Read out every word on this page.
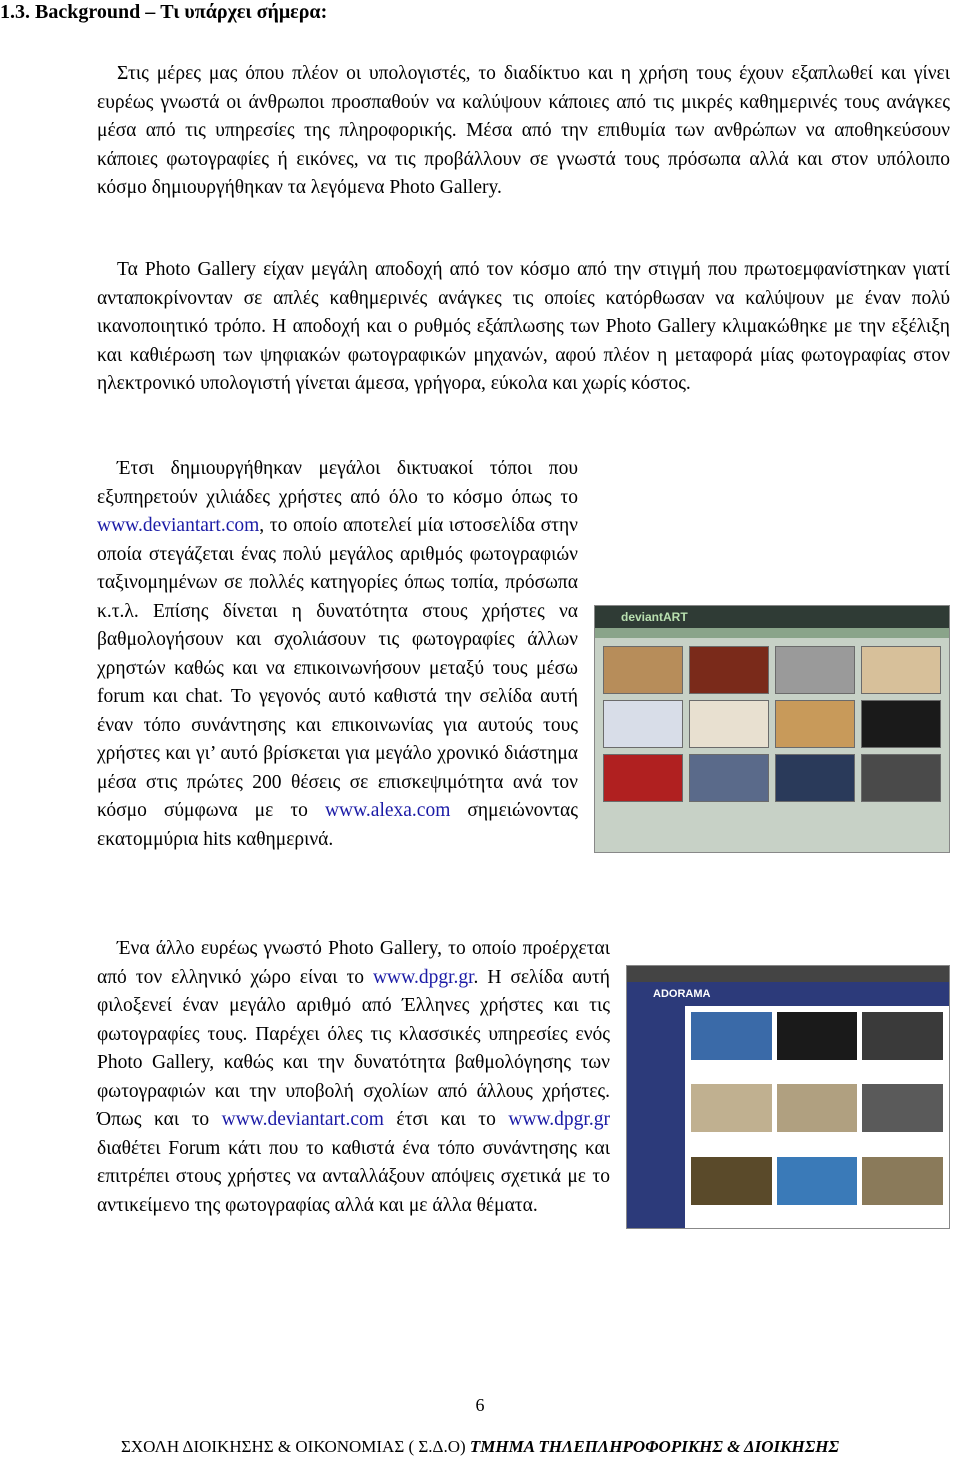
1.3. Background – Τι υπάρχει σήμερα:

Στις μέρες μας όπου πλέον οι υπολογιστές, το διαδίκτυο και η χρήση τους έχουν εξαπλωθεί και γίνει ευρέως γνωστά οι άνθρωποι προσπαθούν να καλύψουν κάποιες από τις μικρές καθημερινές τους ανάγκες μέσα από τις υπηρεσίες της πληροφορικής. Μέσα από την επιθυμία των ανθρώπων να αποθηκεύσουν κάποιες φωτογραφίες ή εικόνες, να τις προβάλλουν σε γνωστά τους πρόσωπα αλλά και στον υπόλοιπο κόσμο δημιουργήθηκαν τα λεγόμενα Photo Gallery.

Τα Photo Gallery είχαν μεγάλη αποδοχή από τον κόσμο από την στιγμή που πρωτοεμφανίστηκαν γιατί ανταποκρίνονταν σε απλές καθημερινές ανάγκες τις οποίες κατόρθωσαν να καλύψουν με έναν πολύ ικανοποιητικό τρόπο. Η αποδοχή και ο ρυθμός εξάπλωσης των Photo Gallery κλιμακώθηκε με την εξέλιξη και καθιέρωση των ψηφιακών φωτογραφικών μηχανών, αφού πλέον η μεταφορά μίας φωτογραφίας στον ηλεκτρονικό υπολογιστή γίνεται άμεσα, γρήγορα, εύκολα και χωρίς κόστος.

deviantART
Έτσι δημιουργήθηκαν μεγάλοι δικτυακοί τόποι που εξυπηρετούν χιλιάδες χρήστες από όλο το κόσμο όπως το www.deviantart.com, το οποίο αποτελεί μία ιστοσελίδα στην οποία στεγάζεται ένας πολύ μεγάλος αριθμός φωτογραφιών ταξινομημένων σε πολλές κατηγορίες όπως τοπία, πρόσωπα κ.τ.λ. Επίσης δίνεται η δυνατότητα στους χρήστες να βαθμολογήσουν και σχολιάσουν τις φωτογραφίες άλλων χρηστών καθώς και να επικοινωνήσουν μεταξύ τους μέσω forum και chat. Το γεγονός αυτό καθιστά την σελίδα αυτή έναν τόπο συνάντησης και επικοινωνίας για αυτούς τους χρήστες και γι’ αυτό βρίσκεται για μεγάλο χρονικό διάστημα μέσα στις πρώτες 200 θέσεις σε επισκεψιμότητα ανά τον κόσμο σύμφωνα με το www.alexa.com σημειώνοντας εκατομμύρια hits καθημερινά.
ADORAMA
Ένα άλλο ευρέως γνωστό Photo Gallery, το οποίο προέρχεται από τον ελληνικό χώρο είναι το www.dpgr.gr. Η σελίδα αυτή φιλοξενεί έναν μεγάλο αριθμό από Έλληνες χρήστες και τις φωτογραφίες τους. Παρέχει όλες τις κλασσικές υπηρεσίες ενός Photo Gallery, καθώς και την δυνατότητα βαθμολόγησης των φωτογραφιών και την υποβολή σχολίων από άλλους χρήστες. Όπως και το www.deviantart.com έτσι και το www.dpgr.gr διαθέτει Forum κάτι που το καθιστά ένα τόπο συνάντησης και επιτρέπει στους χρήστες να ανταλλάξουν απόψεις σχετικά με το αντικείμενο της φωτογραφίας αλλά και με άλλα θέματα.
6
ΣΧΟΛΗ ΔΙΟΙΚΗΣΗΣ & ΟΙΚΟΝΟΜΙΑΣ ( Σ.Δ.Ο) ΤΜΗΜΑ ΤΗΛΕΠΛΗΡΟΦΟΡΙΚΗΣ & ΔΙΟΙΚΗΣΗΣ
